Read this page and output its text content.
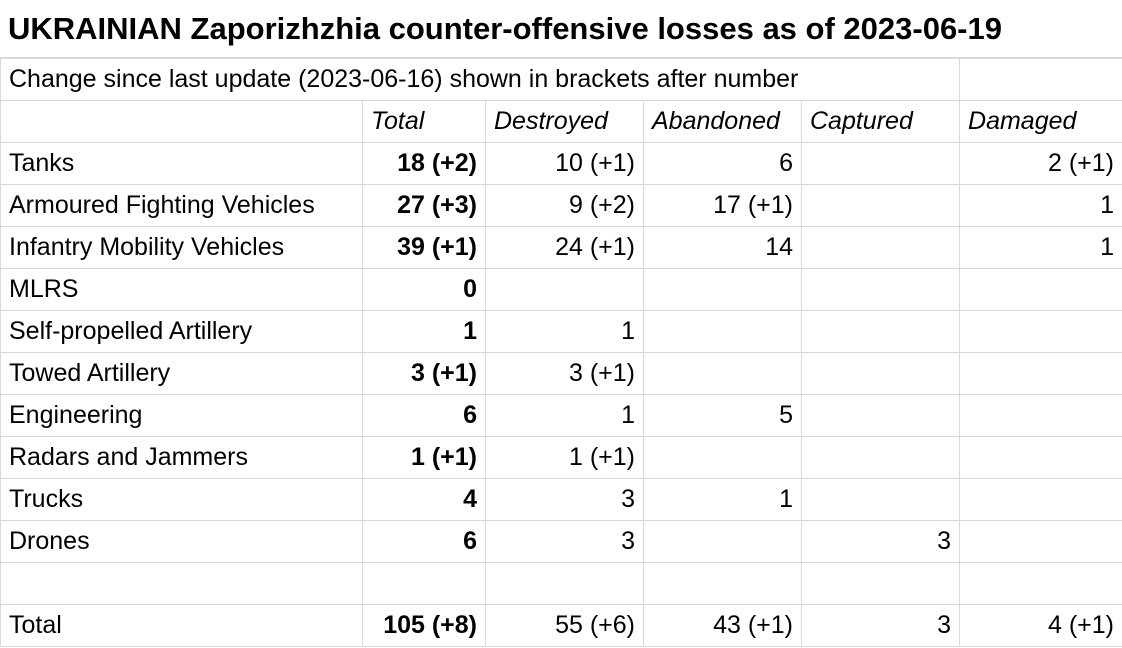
UKRAINIAN Zaporizhzhia counter-offensive losses as of 2023-06-19
Change since last update (2023-06-16) shown in brackets after number					
	Total	Destroyed	Abandoned	Captured	Damaged
Tanks	18 (+2)	10 (+1)	6		2 (+1)
Armoured Fighting Vehicles	27 (+3)	9 (+2)	17 (+1)		1
Infantry Mobility Vehicles	39 (+1)	24 (+1)	14		1
MLRS	0				
Self-propelled Artillery	1	1			
Towed Artillery	3 (+1)	3 (+1)			
Engineering	6	1	5		
Radars and Jammers	1 (+1)	1 (+1)			
Trucks	4	3	1		
Drones	6	3		3	

Total	105 (+8)	55 (+6)	43 (+1)	3	4 (+1)
